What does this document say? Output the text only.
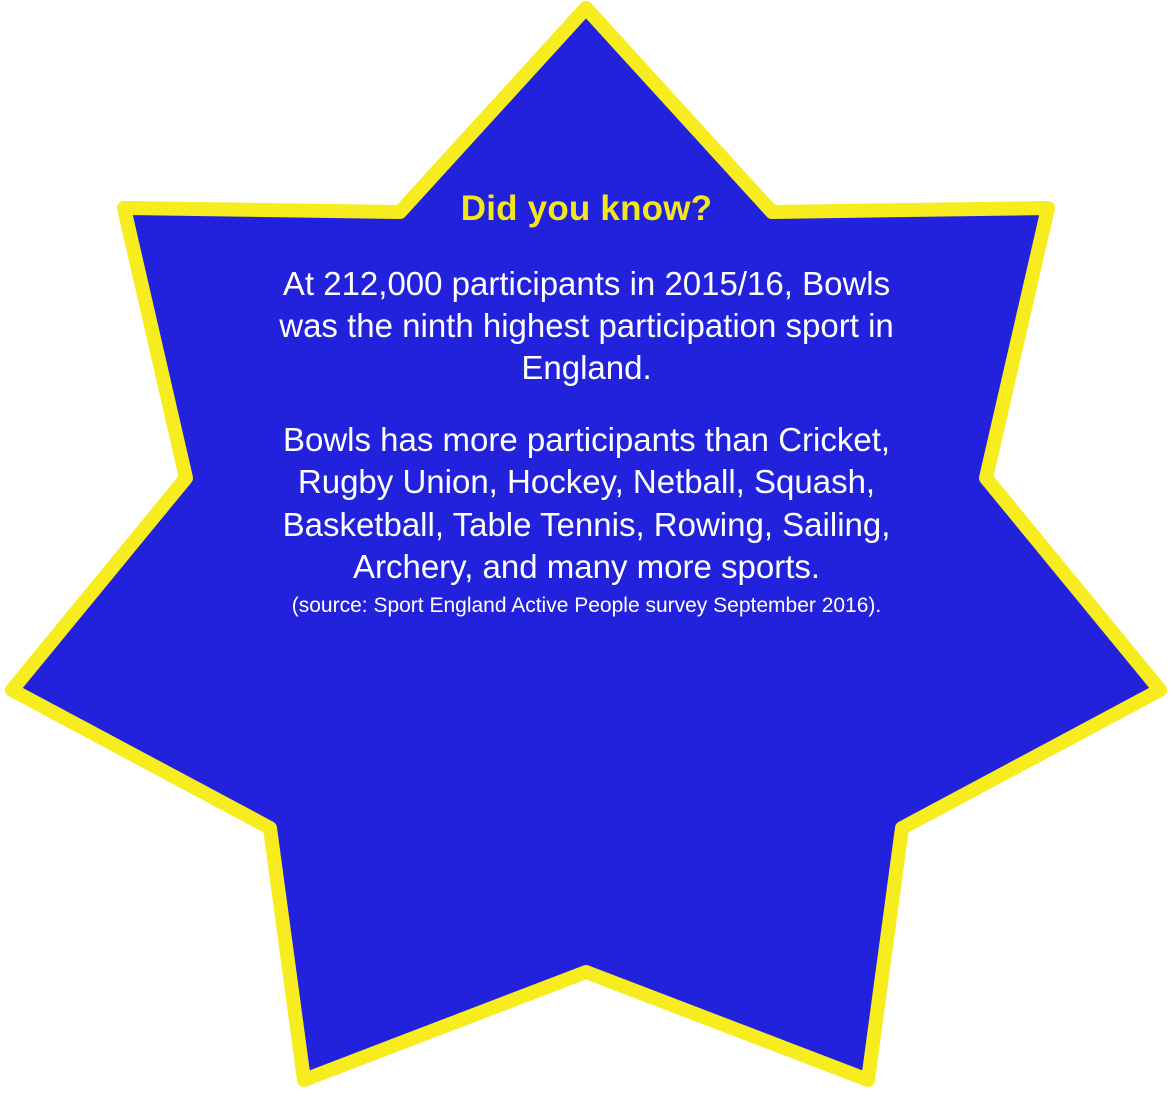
Did you know?

At 212,000 participants in 2015/16, Bowls was the ninth highest participation sport in England.

Bowls has more participants than Cricket, Rugby Union, Hockey, Netball, Squash, Basketball, Table Tennis, Rowing, Sailing, Archery, and many more sports.

(source: Sport England Active People survey September 2016).
